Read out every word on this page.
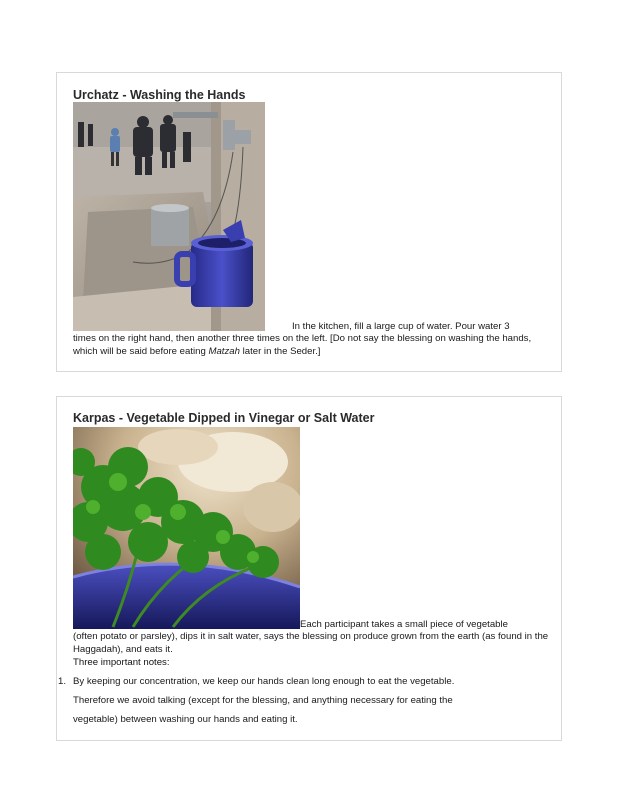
Urchatz - Washing the Hands
In the kitchen, fill a large cup of water. Pour water 3

times on the right hand, then another three times on the left. [Do not say the blessing on washing the hands, which will be said before eating Matzah later in the Seder.]

Karpas - Vegetable Dipped in Vinegar or Salt Water
Each participant takes a small piece of vegetable

(often potato or parsley), dips it in salt water, says the blessing on produce grown from the earth (as found in the Haggadah), and eats it.

Three important notes:
1. By keeping our concentration, we keep our hands clean long enough to eat the vegetable.
Therefore we avoid talking (except for the blessing, and anything necessary for eating the
vegetable) between washing our hands and eating it.
